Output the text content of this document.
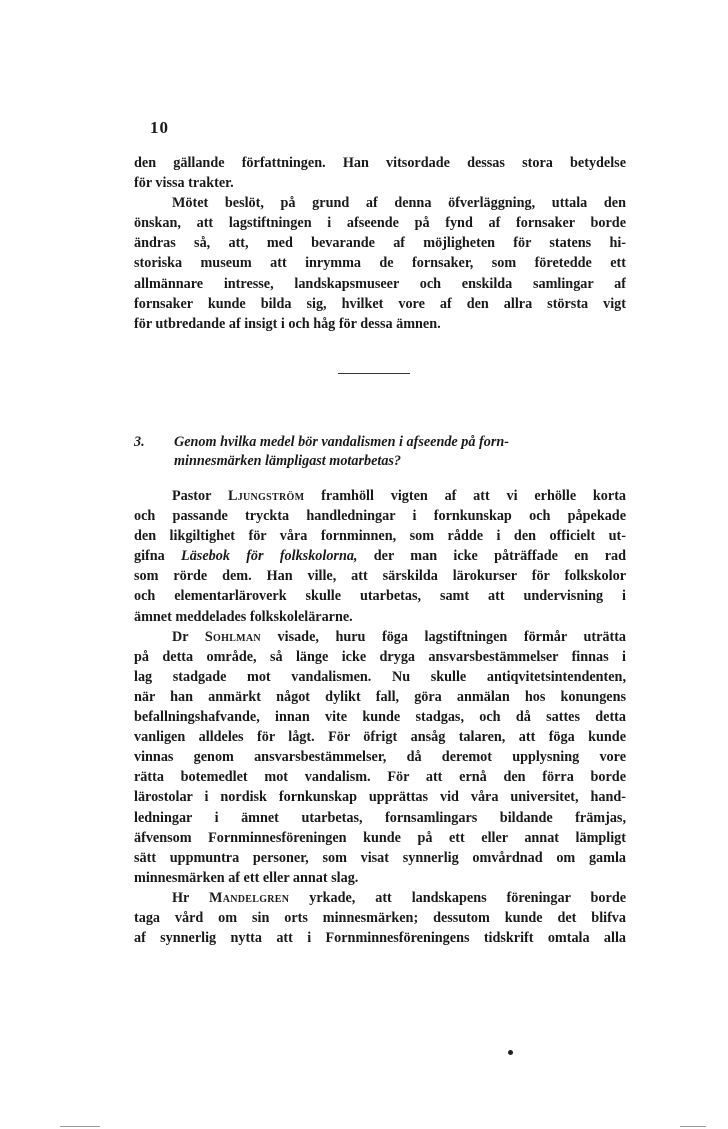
10
den gällande författningen. Han vitsordade dessas stora betydelse
för vissa trakter.
Mötet beslöt, på grund af denna öfverläggning, uttala den
önskan, att lagstiftningen i afseende på fynd af fornsaker borde
ändras så, att, med bevarande af möjligheten för statens hi-
storiska museum att inrymma de fornsaker, som företedde ett
allmännare intresse, landskapsmuseer och enskilda samlingar af
fornsaker kunde bilda sig, hvilket vore af den allra största vigt
för utbredande af insigt i och håg för dessa ämnen.
3. Genom hvilka medel bör vandalismen i afseende på forn-
minnesmärken lämpligast motarbetas?
Pastor Ljungström framhöll vigten af att vi erhölle korta
och passande tryckta handledningar i fornkunskap och påpekade
den likgiltighet för våra fornminnen, som rådde i den officielt ut-
gifna Läsebok för folkskolorna, der man icke påträffade en rad
som rörde dem. Han ville, att särskilda lärokurser för folkskolor
och elementarläroverk skulle utarbetas, samt att undervisning i
ämnet meddelades folkskolelärarne.
Dr Sohlman visade, huru föga lagstiftningen förmår uträtta
på detta område, så länge icke dryga ansvarsbestämmelser finnas i
lag stadgade mot vandalismen. Nu skulle antiqvitetsintendenten,
när han anmärkt något dylikt fall, göra anmälan hos konungens
befallningshafvande, innan vite kunde stadgas, och då sattes detta
vanligen alldeles för lågt. För öfrigt ansåg talaren, att föga kunde
vinnas genom ansvarsbestämmelser, då deremot upplysning vore
rätta botemedlet mot vandalism. För att ernå den förra borde
lärostolar i nordisk fornkunskap upprättas vid våra universitet, hand-
ledningar i ämnet utarbetas, fornsamlingars bildande främjas,
äfvensom Fornminnesföreningen kunde på ett eller annat lämpligt
sätt uppmuntra personer, som visat synnerlig omvårdnad om gamla
minnesmärken af ett eller annat slag.
Hr Mandelgren yrkade, att landskapens föreningar borde
taga vård om sin orts minnesmärken; dessutom kunde det blifva
af synnerlig nytta att i Fornminnesföreningens tidskrift omtala alla
